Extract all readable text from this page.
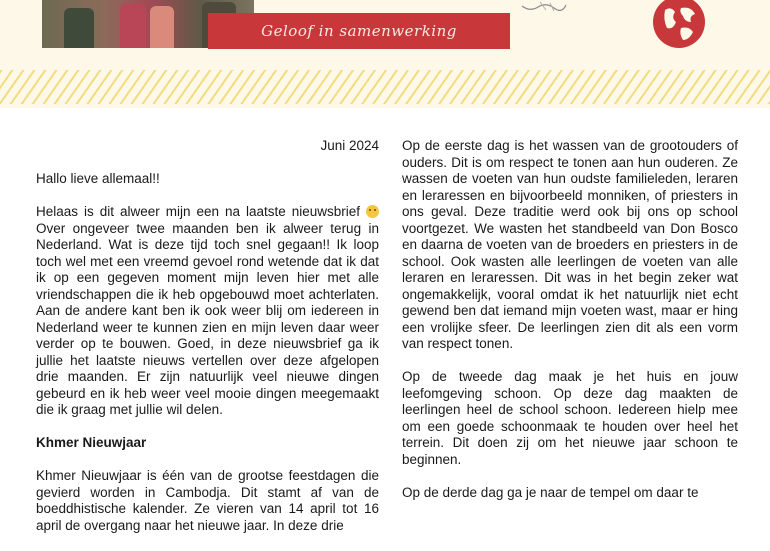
Geloof in samenwerking

Juni 2024

Hallo lieve allemaal!!

Helaas is dit alweer mijn een na laatste nieuwsbrief  Over ongeveer twee maanden ben ik alweer terug in Nederland. Wat is deze tijd toch snel gegaan!! Ik loop toch wel met een vreemd gevoel rond wetende dat ik dat ik op een gegeven moment mijn leven hier met alle vriendschappen die ik heb opgebouwd moet achterlaten. Aan de andere kant ben ik ook weer blij om iedereen in Nederland weer te kunnen zien en mijn leven daar weer verder op te bouwen. Goed, in deze nieuwsbrief ga ik jullie het laatste nieuws vertellen over deze afgelopen drie maanden. Er zijn natuurlijk veel nieuwe dingen gebeurd en ik heb weer veel mooie dingen meegemaakt die ik graag met jullie wil delen.

Khmer Nieuwjaar

Khmer Nieuwjaar is één van de grootse feestdagen die gevierd worden in Cambodja. Dit stamt af van de boeddhistische kalender. Ze vieren van 14 april tot 16 april de overgang naar het nieuwe jaar. In deze drie

Op de eerste dag is het wassen van de grootouders of ouders. Dit is om respect te tonen aan hun ouderen. Ze wassen de voeten van hun oudste familieleden, leraren en leraressen en bijvoorbeeld monniken, of priesters in ons geval. Deze traditie werd ook bij ons op school voortgezet. We wasten het standbeeld van Don Bosco en daarna de voeten van de broeders en priesters in de school. Ook wasten alle leerlingen de voeten van alle leraren en leraressen. Dit was in het begin zeker wat ongemakkelijk, vooral omdat ik het natuurlijk niet echt gewend ben dat iemand mijn voeten wast, maar er hing een vrolijke sfeer. De leerlingen zien dit als een vorm van respect tonen.

Op de tweede dag maak je het huis en jouw leefomgeving schoon. Op deze dag maakten de leerlingen heel de school schoon. Iedereen hielp mee om een goede schoonmaak te houden over heel het terrein. Dit doen zij om het nieuwe jaar schoon te beginnen.

Op de derde dag ga je naar de tempel om daar te
